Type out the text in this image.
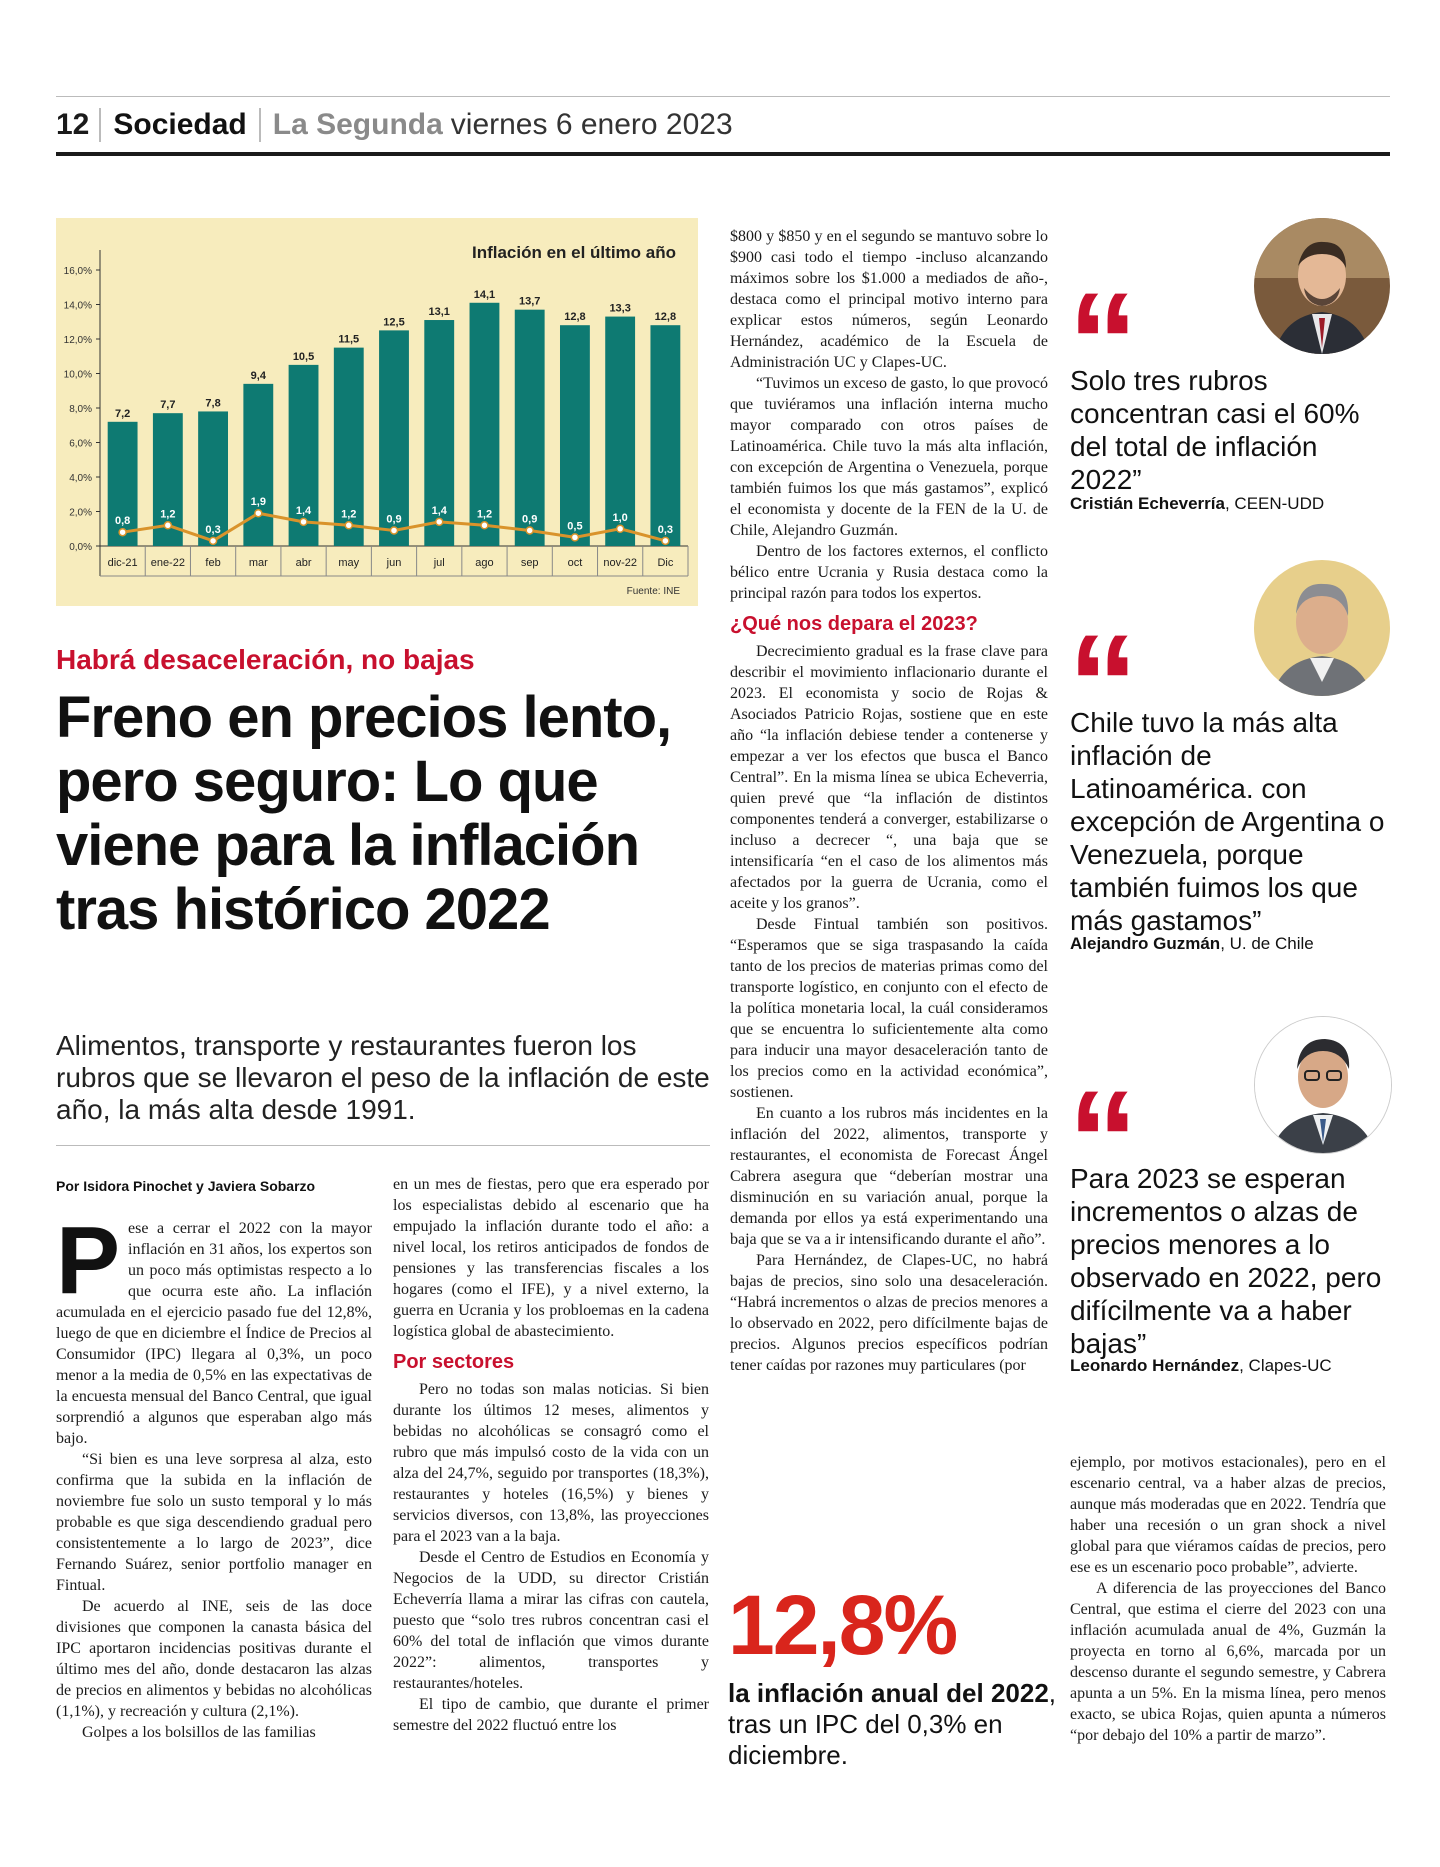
12 Sociedad La Segunda viernes 6 enero 2023
Inflación en el último año
Fuente: INE
0,0%
2,0%
4,0%
6,0%
8,0%
10,0%
12,0%
14,0%
16,0%
7,2
dic-21
7,7
ene-22
7,8
feb
9,4
mar
10,5
abr
11,5
may
12,5
jun
13,1
jul
14,1
ago
13,7
sep
12,8
oct
13,3
nov-22
12,8
Dic
0,8
1,2
0,3
1,9
1,4	1,2	0,9
1,4	1,2	0,9
0,5
1,0
0,3
Habrá desaceleración, no bajas
Freno en precios lento, pero seguro: Lo que viene para la inflación tras histórico 2022
Alimentos, transporte y restaurantes fueron los rubros que se llevaron el peso de la inflación de este año, la más alta desde 1991.
Por Isidora Pinochet y Javiera Sobarzo

Pese a cerrar el 2022 con la mayor inflación en 31 años, los expertos son un poco más optimistas respecto a lo que ocurra este año. La inflación acumulada en el ejercicio pasado fue del 12,8%, luego de que en diciembre el Índice de Precios al Consumidor (IPC) llegara al 0,3%, un poco menor a la media de 0,5% en las expectativas de la encuesta mensual del Banco Central, que igual sorprendió a algunos que esperaban algo más bajo.

“Si bien es una leve sorpresa al alza, esto confirma que la subida en la inflación de noviembre fue solo un susto temporal y lo más probable es que siga descendiendo gradual pero consistentemente a lo largo de 2023”, dice Fernando Suárez, senior portfolio manager en Fintual.

De acuerdo al INE, seis de las doce divisiones que componen la canasta básica del IPC aportaron incidencias positivas durante el último mes del año, donde destacaron las alzas de precios en alimentos y bebidas no alcohólicas (1,1%), y recreación y cultura (2,1%).

Golpes a los bolsillos de las familias

en un mes de fiestas, pero que era esperado por los especialistas debido al escenario que ha empujado la inflación durante todo el año: a nivel local, los retiros anticipados de fondos de pensiones y las transferencias fiscales a los hogares (como el IFE), y a nivel externo, la guerra en Ucrania y los probloemas en la cadena logística global de abastecimiento.

Por sectores

Pero no todas son malas noticias. Si bien durante los últimos 12 meses, alimentos y bebidas no alcohólicas se consagró como el rubro que más impulsó costo de la vida con un alza del 24,7%, seguido por transportes (18,3%), restaurantes y hoteles (16,5%) y bienes y servicios diversos, con 13,8%, las proyecciones para el 2023 van a la baja.

Desde el Centro de Estudios en Economía y Negocios de la UDD, su director Cristián Echeverría llama a mirar las cifras con cautela, puesto que “solo tres rubros concentran casi el 60% del total de inflación que vimos durante 2022”: alimentos, transportes y restaurantes/hoteles.

El tipo de cambio, que durante el primer semestre del 2022 fluctuó entre los

$800 y $850 y en el segundo se mantuvo sobre lo $900 casi todo el tiempo -incluso alcanzando máximos sobre los $1.000 a mediados de año-, destaca como el principal motivo interno para explicar estos números, según Leonardo Hernández, académico de la Escuela de Administración UC y Clapes-UC.

“Tuvimos un exceso de gasto, lo que provocó que tuviéramos una inflación interna mucho mayor comparado con otros países de Latinoamérica. Chile tuvo la más alta inflación, con excepción de Argentina o Venezuela, porque también fuimos los que más gastamos”, explicó el economista y docente de la FEN de la U. de Chile, Alejandro Guzmán.

Dentro de los factores externos, el conflicto bélico entre Ucrania y Rusia destaca como la principal razón para todos los expertos.

¿Qué nos depara el 2023?

Decrecimiento gradual es la frase clave para describir el movimiento inflacionario durante el 2023. El economista y socio de Rojas & Asociados Patricio Rojas, sostiene que en este año “la inflación debiese tender a contenerse y empezar a ver los efectos que busca el Banco Central”. En la misma línea se ubica Echeverria, quien prevé que “la inflación de distintos componentes tenderá a converger, estabilizarse o incluso a decrecer “, una baja que se intensificaría “en el caso de los alimentos más afectados por la guerra de Ucrania, como el aceite y los granos”.

Desde Fintual también son positivos. “Esperamos que se siga traspasando la caída tanto de los precios de materias primas como del transporte logístico, en conjunto con el efecto de la política monetaria local, la cuál consideramos que se encuentra lo suficientemente alta como para inducir una mayor desaceleración tanto de los precios como en la actividad económica”, sostienen.

En cuanto a los rubros más incidentes en la inflación del 2022, alimentos, transporte y restaurantes, el economista de Forecast Ángel Cabrera asegura que “deberían mostrar una disminución en su variación anual, porque la demanda por ellos ya está experimentando una baja que se va a ir intensificando durante el año”.

Para Hernández, de Clapes-UC, no habrá bajas de precios, sino solo una desaceleración. “Habrá incrementos o alzas de precios menores a lo observado en 2022, pero difícilmente bajas de precios. Algunos precios específicos podrían tener caídas por razones muy particulares (por

12,8%
la inflación anual del 2022, tras un IPC del 0,3% en diciembre.

ejemplo, por motivos estacionales), pero en el escenario central, va a haber alzas de precios, aunque más moderadas que en 2022. Tendría que haber una recesión o un gran shock a nivel global para que viéramos caídas de precios, pero ese es un escenario poco probable”, advierte.

A diferencia de las proyecciones del Banco Central, que estima el cierre del 2023 con una inflación acumulada anual de 4%, Guzmán la proyecta en torno al 6,6%, marcada por un descenso durante el segundo semestre, y Cabrera apunta a un 5%. En la misma línea, pero menos exacto, se ubica Rojas, quien apunta a números “por debajo del 10% a partir de marzo”.

Solo tres rubros concentran casi el 60% del total de inflación 2022”
Cristián Echeverría, CEEN-UDD
Chile tuvo la más alta inflación de Latinoamérica. con excepción de Argentina o Venezuela, porque también fuimos los que más gastamos”
Alejandro Guzmán, U. de Chile
Para 2023 se esperan incrementos o alzas de precios menores a lo observado en 2022, pero difícilmente va a haber bajas”
Leonardo Hernández, Clapes-UC
